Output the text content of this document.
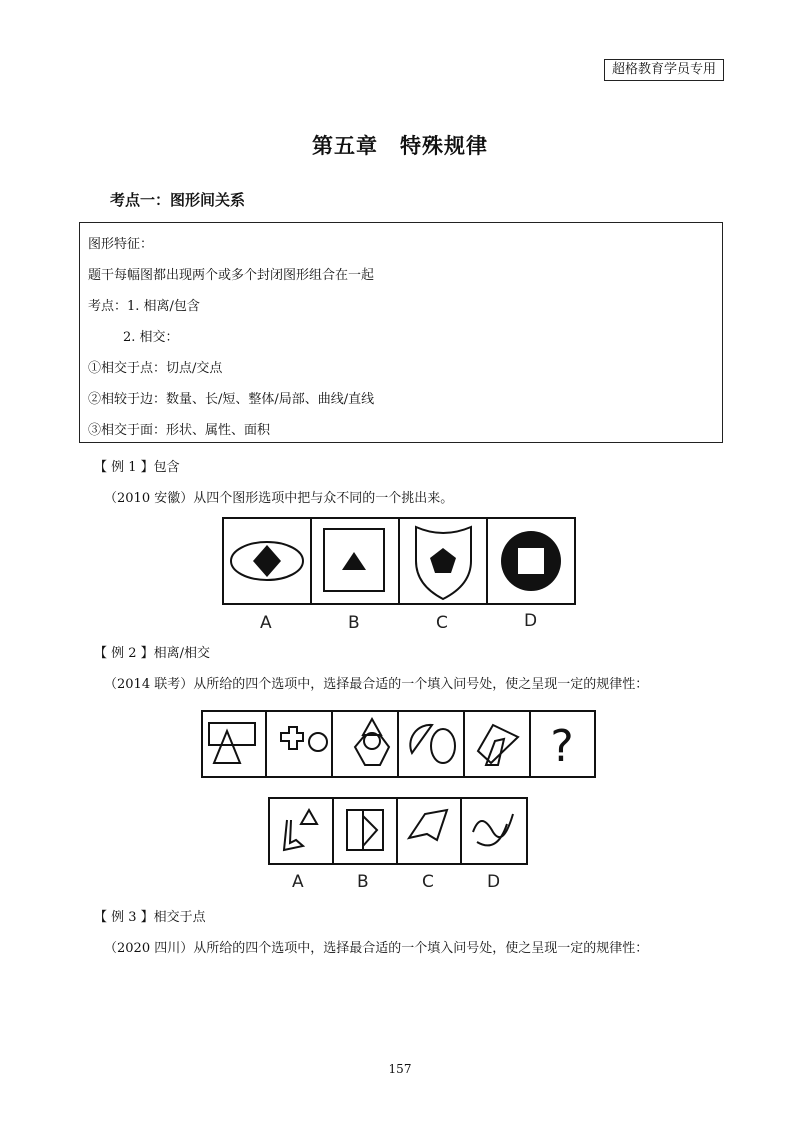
超格教育学员专用
第五章　特殊规律
考点一：图形间关系
图形特征：
题干每幅图都出现两个或多个封闭图形组合在一起
考点：1. 相离/包含
2. 相交：
①相交于点：切点/交点
②相较于边：数量、长/短、整体/局部、曲线/直线
③相交于面：形状、属性、面积
【 例 1 】包含
（2010 安徽）从四个图形选项中把与众不同的一个挑出来。
A	B	C	D
【 例 2 】相离/相交
（2014 联考）从所给的四个选项中，选择最合适的一个填入问号处，使之呈现一定的规律性：
?
A	B	C	D
【 例 3 】相交于点
（2020 四川）从所给的四个选项中，选择最合适的一个填入问号处，使之呈现一定的规律性：
157
